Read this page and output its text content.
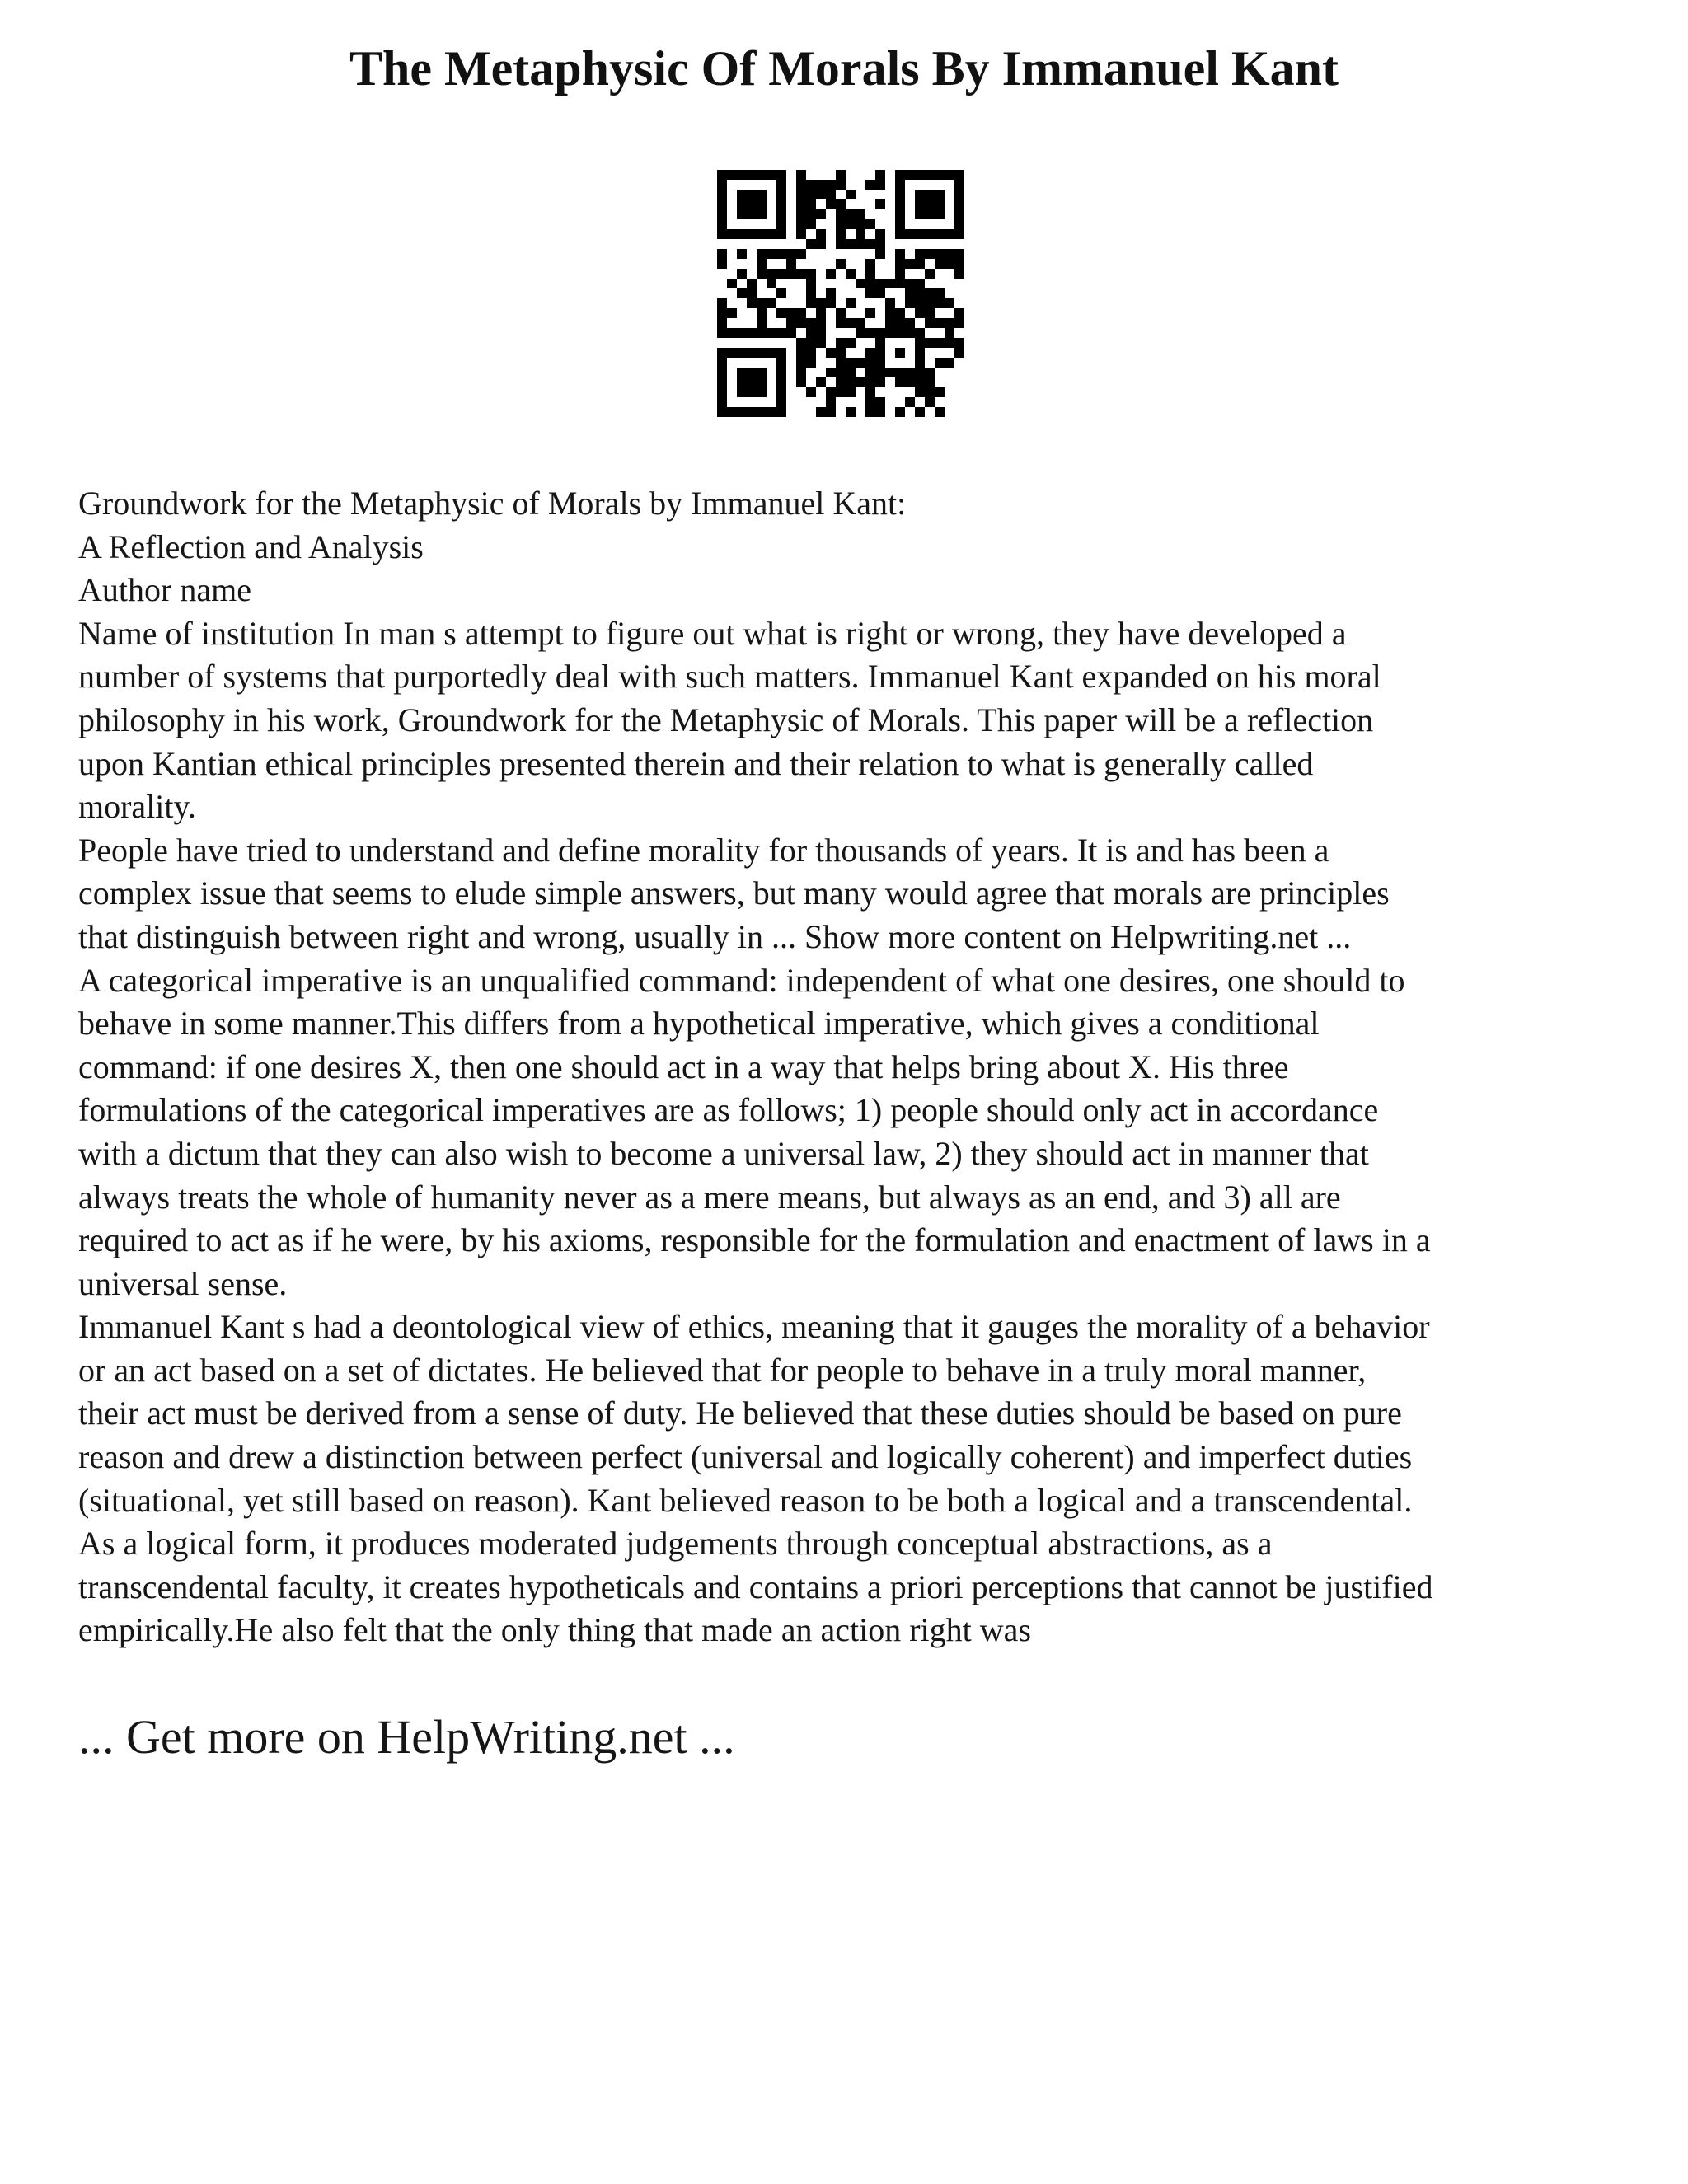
The Metaphysic Of Morals By Immanuel Kant
Groundwork for the Metaphysic of Morals by Immanuel Kant:
A Reflection and Analysis
Author name
Name of institution In man s attempt to figure out what is right or wrong, they have developed a
number of systems that purportedly deal with such matters. Immanuel Kant expanded on his moral
philosophy in his work, Groundwork for the Metaphysic of Morals. This paper will be a reflection
upon Kantian ethical principles presented therein and their relation to what is generally called
morality.
People have tried to understand and define morality for thousands of years. It is and has been a
complex issue that seems to elude simple answers, but many would agree that morals are principles
that distinguish between right and wrong, usually in ... Show more content on Helpwriting.net ...
A categorical imperative is an unqualified command: independent of what one desires, one should to
behave in some manner.This differs from a hypothetical imperative, which gives a conditional
command: if one desires X, then one should act in a way that helps bring about X. His three
formulations of the categorical imperatives are as follows; 1) people should only act in accordance
with a dictum that they can also wish to become a universal law, 2) they should act in manner that
always treats the whole of humanity never as a mere means, but always as an end, and 3) all are
required to act as if he were, by his axioms, responsible for the formulation and enactment of laws in a
universal sense.
Immanuel Kant s had a deontological view of ethics, meaning that it gauges the morality of a behavior
or an act based on a set of dictates. He believed that for people to behave in a truly moral manner,
their act must be derived from a sense of duty. He believed that these duties should be based on pure
reason and drew a distinction between perfect (universal and logically coherent) and imperfect duties
(situational, yet still based on reason). Kant believed reason to be both a logical and a transcendental.
As a logical form, it produces moderated judgements through conceptual abstractions, as a
transcendental faculty, it creates hypotheticals and contains a priori perceptions that cannot be justified
empirically.He also felt that the only thing that made an action right was
... Get more on HelpWriting.net ...
